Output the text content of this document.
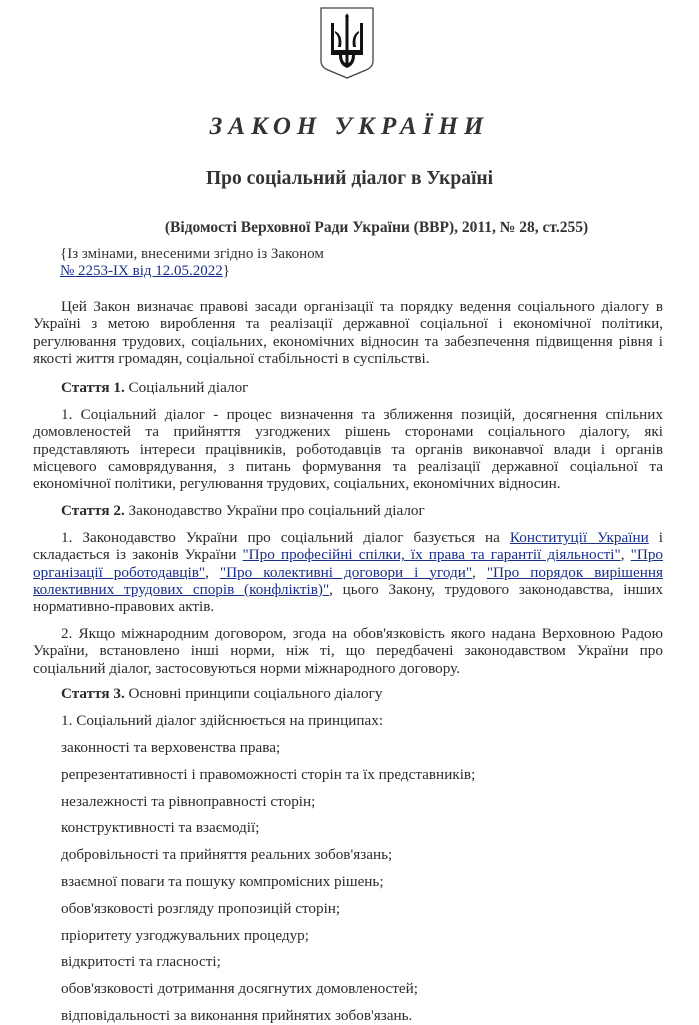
ЗАКОН УКРАЇНИ
Про соціальний діалог в Україні
(Відомості Верховної Ради України (ВВР), 2011, № 28, ст.255)
{Із змінами, внесеними згідно із Законом
№ 2253-IX від 12.05.2022}

Цей Закон визначає правові засади організації та порядку ведення соціального діалогу в Україні з метою вироблення та реалізації державної соціальної і економічної політики, регулювання трудових, соціальних, економічних відносин та забезпечення підвищення рівня і якості життя громадян, соціальної стабільності в суспільстві.

Стаття 1. Соціальний діалог

1. Соціальний діалог - процес визначення та зближення позицій, досягнення спільних домовленостей та прийняття узгоджених рішень сторонами соціального діалогу, які представляють інтереси працівників, роботодавців та органів виконавчої влади і органів місцевого самоврядування, з питань формування та реалізації державної соціальної та економічної політики, регулювання трудових, соціальних, економічних відносин.

Стаття 2. Законодавство України про соціальний діалог

1. Законодавство України про соціальний діалог базується на Конституції України і складається із законів України "Про професійні спілки, їх права та гарантії діяльності", "Про організації роботодавців", "Про колективні договори і угоди", "Про порядок вирішення колективних трудових спорів (конфліктів)", цього Закону, трудового законодавства, інших нормативно-правових актів.

2. Якщо міжнародним договором, згода на обов'язковість якого надана Верховною Радою України, встановлено інші норми, ніж ті, що передбачені законодавством України про соціальний діалог, застосовуються норми міжнародного договору.

Стаття 3. Основні принципи соціального діалогу

1. Соціальний діалог здійснюється на принципах:

законності та верховенства права;

репрезентативності і правоможності сторін та їх представників;

незалежності та рівноправності сторін;

конструктивності та взаємодії;

добровільності та прийняття реальних зобов'язань;

взаємної поваги та пошуку компромісних рішень;

обов'язковості розгляду пропозицій сторін;

пріоритету узгоджувальних процедур;

відкритості та гласності;

обов'язковості дотримання досягнутих домовленостей;

відповідальності за виконання прийнятих зобов'язань.
